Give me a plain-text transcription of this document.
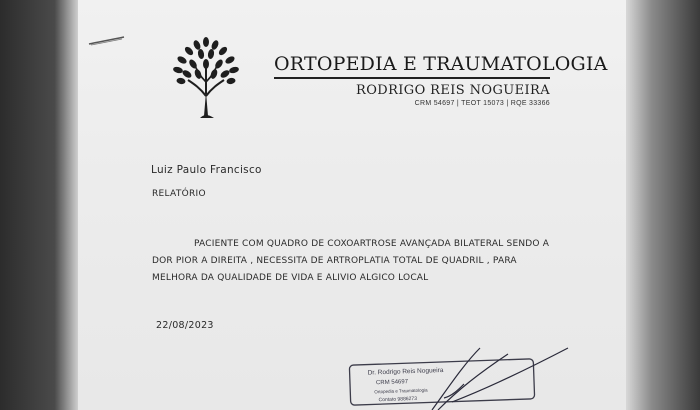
ORTOPEDIA E TRAUMATOLOGIA
RODRIGO REIS NOGUEIRA
CRM 54697 | TEOT 15073 | RQE 33366
Luiz Paulo Francisco
RELATÓRIO
PACIENTE COM QUADRO DE COXOARTROSE AVANÇADA BILATERAL SENDO A
DOR PIOR A DIREITA , NECESSITA DE ARTROPLATIA TOTAL DE QUADRIL , PARA
MELHORA DA QUALIDADE DE VIDA E ALIVIO ALGICO LOCAL
22/08/2023
Dr. Rodrigo Reis Nogueira
CRM 54697
Ortopedia e Traumatologia
Contato 9886273
